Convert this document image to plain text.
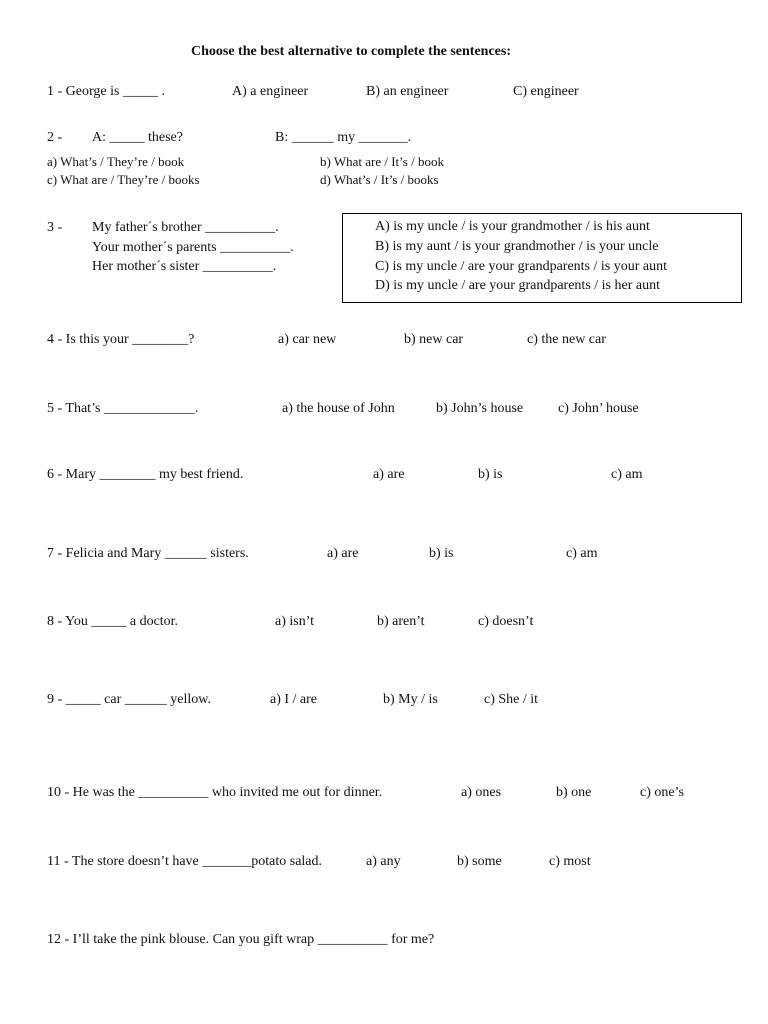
Choose the best alternative to complete the sentences:
1 - George is _____ .	A) a engineer	B) an engineer	C) engineer
2 - A: _____ these?	B: ______ my _______.
a) What’s / They’re / book	b) What are / It’s / book
c) What are / They’re / books	d) What’s / It’s / books
3 - My father´s brother __________.
Your mother´s parents __________.
Her mother´s sister __________.
A) is my uncle / is your grandmother / is his aunt
B) is my aunt / is your grandmother / is your uncle
C) is my uncle / are your grandparents / is your aunt
D) is my uncle / are your grandparents / is her aunt
4 - Is this your ________?	a) car new	b) new car	c) the new car
5 - That’s _____________.	a) the house of John	b) John’s house c) John’ house
6 - Mary ________ my best friend.	a) are	b) is	c) am
7 - Felicia and Mary ______ sisters.	a) are	b) is	c) am
8 - You _____ a doctor.	a) isn’t	b) aren’t	c) doesn’t
9 - _____ car ______ yellow.	a) I / are	b) My / is	c) She / it
10 - He was the __________ who invited me out for dinner.	a) ones	b) one	c) one’s
11 - The store doesn’t have _______potato salad.	a) any	b) some	c) most
12 - I’ll take the pink blouse. Can you gift wrap __________ for me?
